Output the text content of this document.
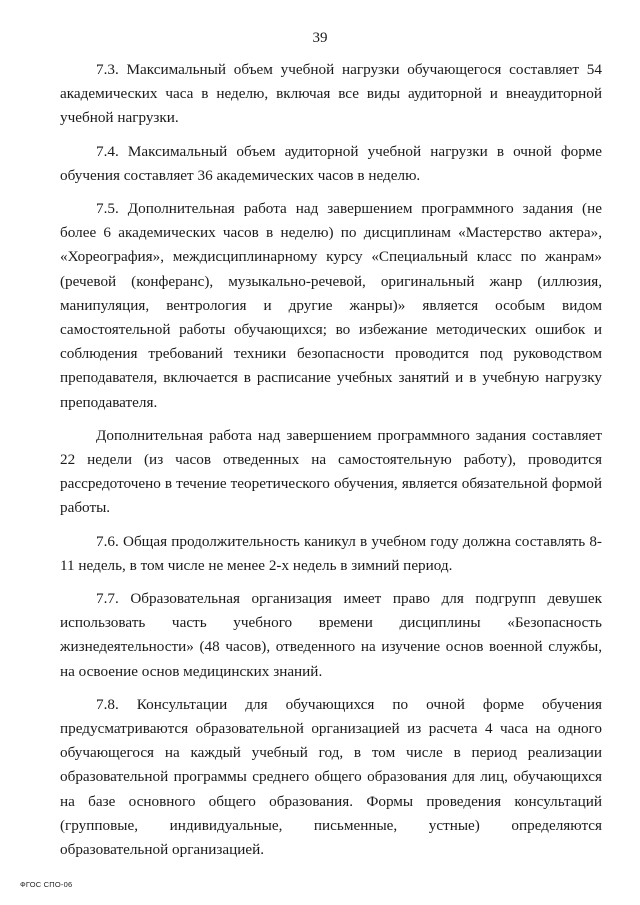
39

7.3. Максимальный объем учебной нагрузки обучающегося составляет 54 академических часа в неделю, включая все виды аудиторной и внеаудиторной учебной нагрузки.

7.4. Максимальный объем аудиторной учебной нагрузки в очной форме обучения составляет 36 академических часов в неделю.

7.5. Дополнительная работа над завершением программного задания (не более 6 академических часов в неделю) по дисциплинам «Мастерство актера», «Хореография», междисциплинарному курсу «Специальный класс по жанрам» (речевой (конферанс), музыкально-речевой, оригинальный жанр (иллюзия, манипуляция, вентрология и другие жанры)» является особым видом самостоятельной работы обучающихся; во избежание методических ошибок и соблюдения требований техники безопасности проводится под руководством преподавателя, включается в расписание учебных занятий и в учебную нагрузку преподавателя.

Дополнительная работа над завершением программного задания составляет 22 недели (из часов отведенных на самостоятельную работу), проводится рассредоточено в течение теоретического обучения, является обязательной формой работы.

7.6. Общая продолжительность каникул в учебном году должна составлять 8-11 недель, в том числе не менее 2-х недель в зимний период.

7.7. Образовательная организация имеет право для подгрупп девушек использовать часть учебного времени дисциплины «Безопасность жизнедеятельности» (48 часов), отведенного на изучение основ военной службы, на освоение основ медицинских знаний.

7.8. Консультации для обучающихся по очной форме обучения предусматриваются образовательной организацией из расчета 4 часа на одного обучающегося на каждый учебный год, в том числе в период реализации образовательной программы среднего общего образования для лиц, обучающихся на базе основного общего образования. Формы проведения консультаций (групповые, индивидуальные, письменные, устные) определяются образовательной организацией.

ФГОС СПО-06
